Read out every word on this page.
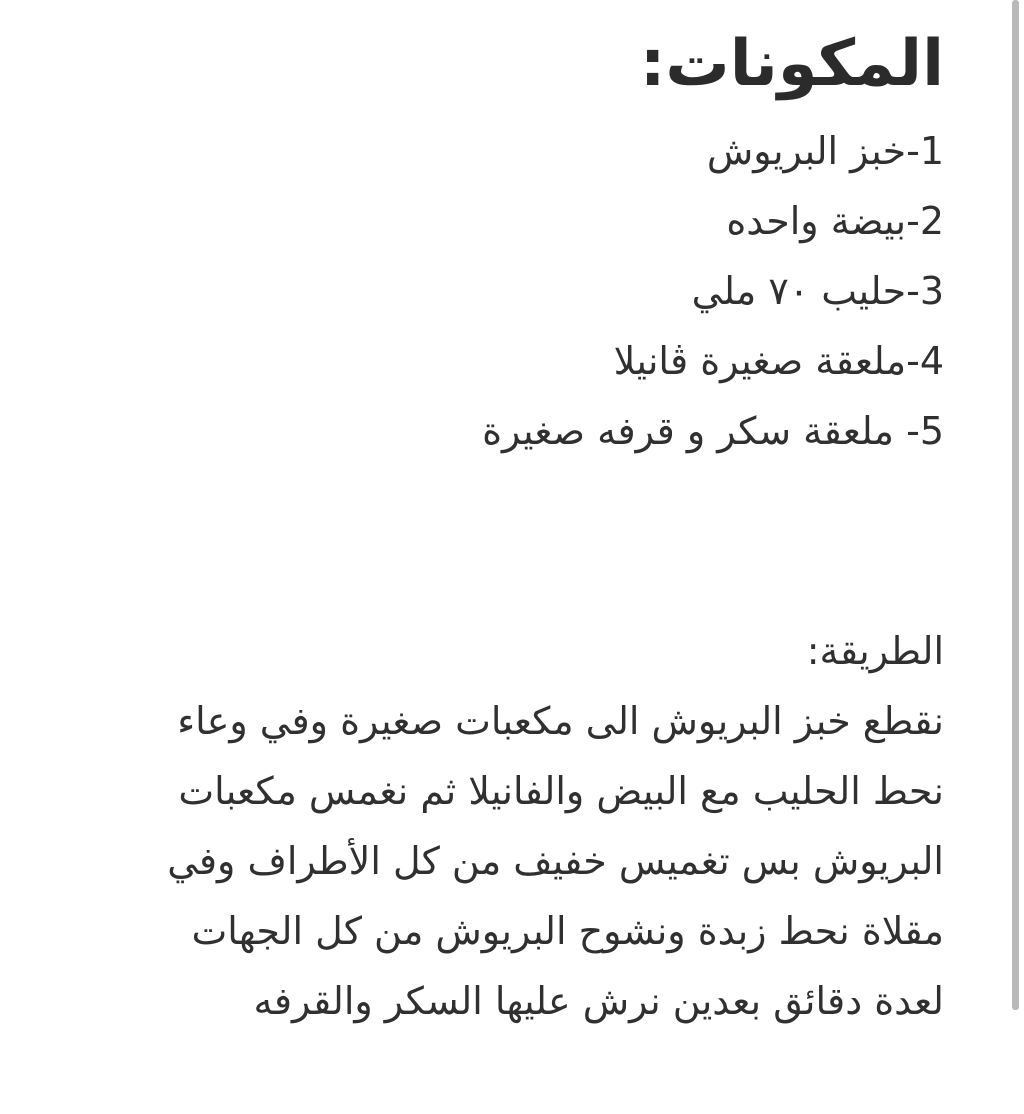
المكونات:
1-خبز البريوش
2-بيضة واحده
3-حليب ٧٠ ملي
4-ملعقة صغيرة ڤانيلا
5- ملعقة سكر و قرفه صغيرة

الطريقة:

نقطع خبز البريوش الى مكعبات صغيرة وفي وعاء
نحط الحليب مع البيض والفانيلا ثم نغمس مكعبات
البريوش بس تغميس خفيف من كل الأطراف وفي
مقلاة نحط زبدة ونشوح البريوش من كل الجهات
لعدة دقائق بعدين نرش عليها السكر والقرفه
